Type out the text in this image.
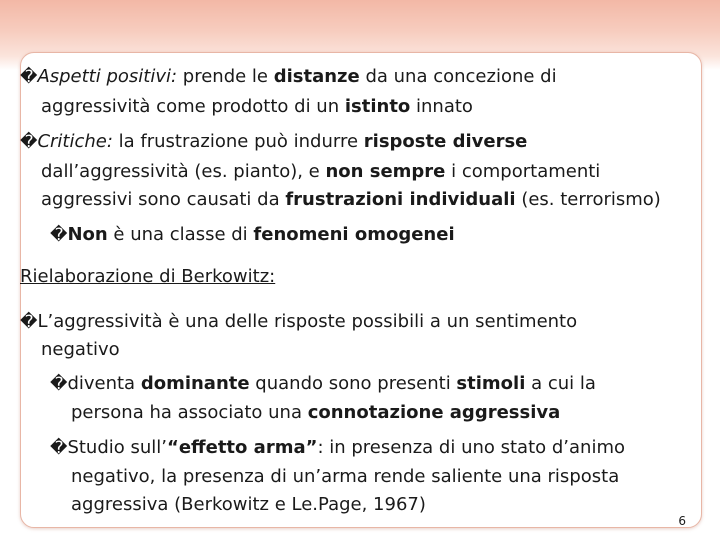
�Aspetti positivi: prende le distanze da una concezione di
aggressività come prodotto di un istinto innato
�Critiche: la frustrazione può indurre risposte diverse
dall’aggressività (es. pianto), e non sempre i comportamenti
aggressivi sono causati da frustrazioni individuali (es. terrorismo)
�Non è una classe di fenomeni omogenei
Rielaborazione di Berkowitz:
�L’aggressività è una delle risposte possibili a un sentimento
negativo
�diventa dominante quando sono presenti stimoli a cui la
persona ha associato una connotazione aggressiva
�Studio sull’“effetto arma”: in presenza di uno stato d’animo
negativo, la presenza di un’arma rende saliente una risposta
aggressiva (Berkowitz e Le.Page, 1967)
6
